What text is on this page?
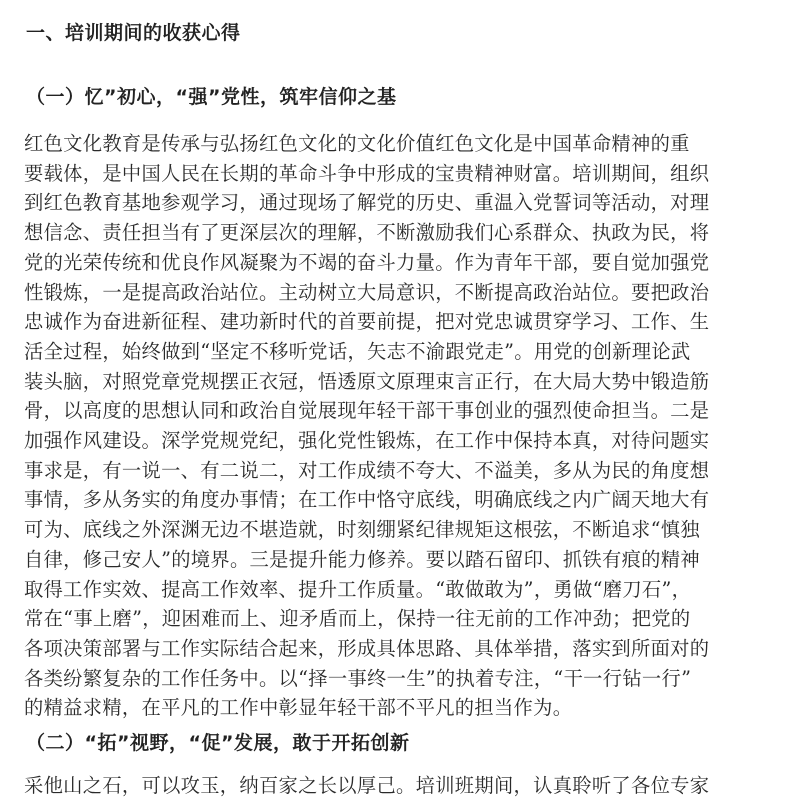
一、培训期间的收获心得
（一）忆”初心，“强”党性，筑牢信仰之基
红色文化教育是传承与弘扬红色文化的文化价值红色文化是中国革命精神的重
要载体，是中国人民在长期的革命斗争中形成的宝贵精神财富。培训期间，组织
到红色教育基地参观学习，通过现场了解党的历史、重温入党誓词等活动，对理
想信念、责任担当有了更深层次的理解，不断激励我们心系群众、执政为民，将
党的光荣传统和优良作风凝聚为不竭的奋斗力量。作为青年干部，要自觉加强党
性锻炼，一是提高政治站位。主动树立大局意识，不断提高政治站位。要把政治
忠诚作为奋进新征程、建功新时代的首要前提，把对党忠诚贯穿学习、工作、生
活全过程，始终做到“坚定不移听党话，矢志不渝跟党走”。用党的创新理论武
装头脑，对照党章党规摆正衣冠，悟透原文原理束言正行，在大局大势中锻造筋
骨，以高度的思想认同和政治自觉展现年轻干部干事创业的强烈使命担当。二是
加强作风建设。深学党规党纪，强化党性锻炼，在工作中保持本真，对待问题实
事求是，有一说一、有二说二，对工作成绩不夸大、不溢美，多从为民的角度想
事情，多从务实的角度办事情；在工作中恪守底线，明确底线之内广阔天地大有
可为、底线之外深渊无边不堪造就，时刻绷紧纪律规矩这根弦，不断追求“慎独
自律，修己安人”的境界。三是提升能力修养。要以踏石留印、抓铁有痕的精神
取得工作实效、提高工作效率、提升工作质量。“敢做敢为”，勇做“磨刀石”，
常在“事上磨”，迎困难而上、迎矛盾而上，保持一往无前的工作冲劲；把党的
各项决策部署与工作实际结合起来，形成具体思路、具体举措，落实到所面对的
各类纷繁复杂的工作任务中。以“择一事终一生”的执着专注，“干一行钻一行”
的精益求精，在平凡的工作中彰显年轻干部不平凡的担当作为。
（二）“拓”视野，“促”发展，敢于开拓创新
采他山之石，可以攻玉，纳百家之长以厚己。培训班期间，认真聆听了各位专家
